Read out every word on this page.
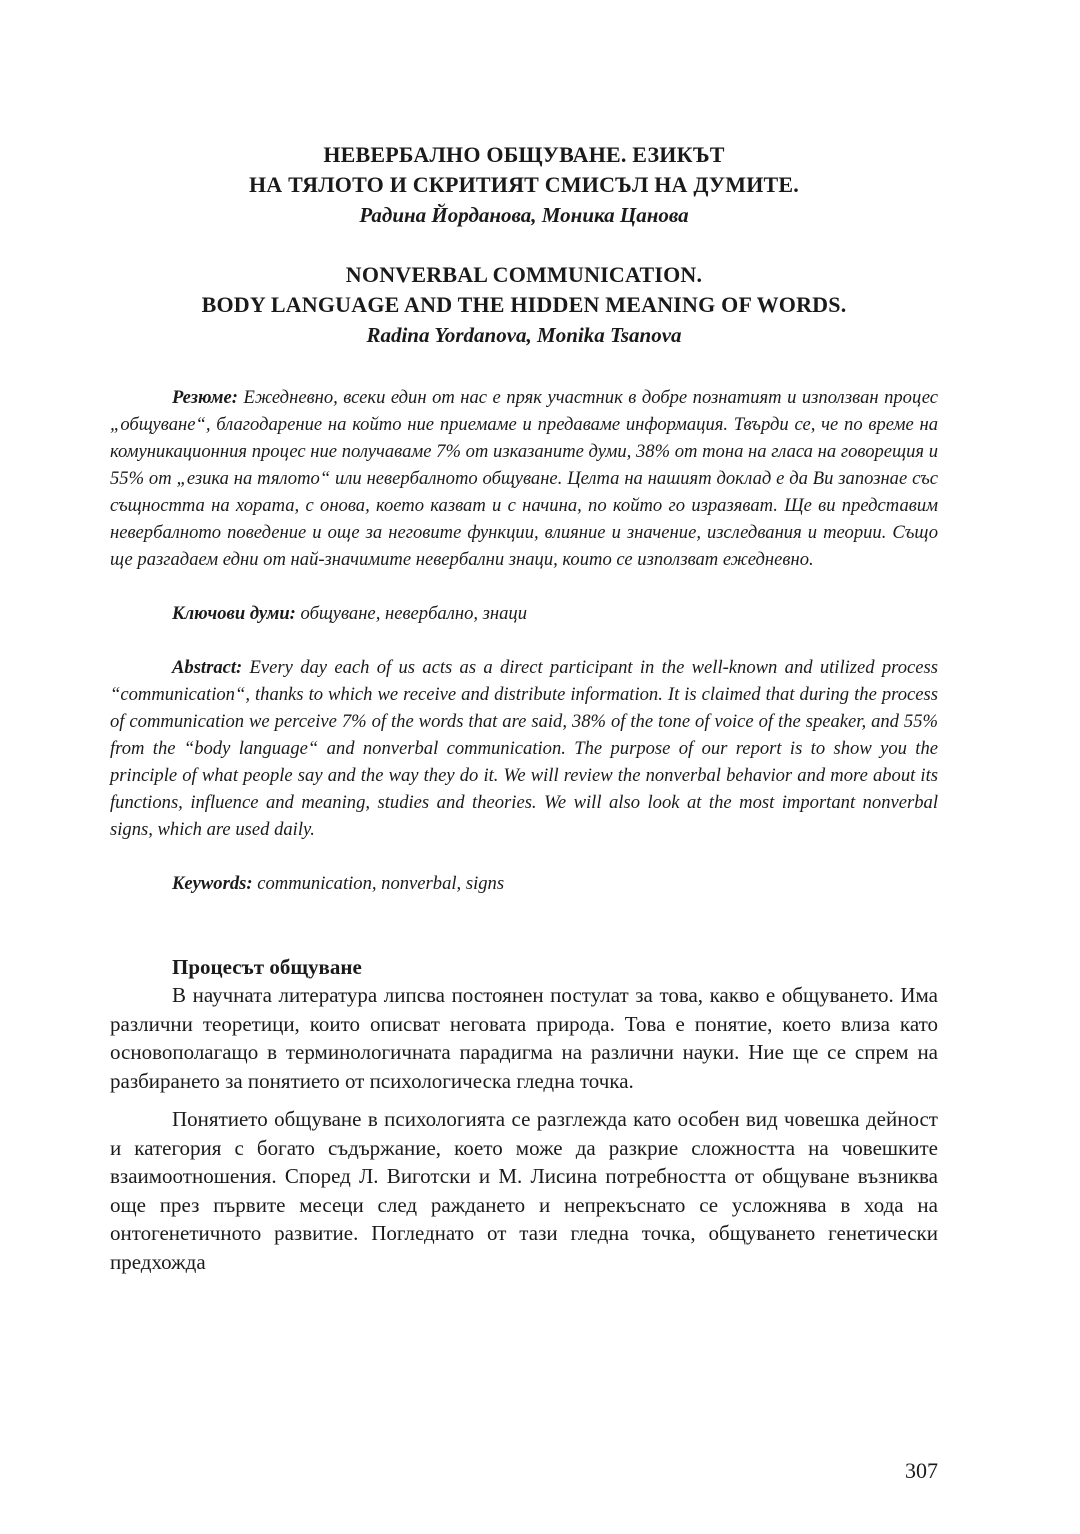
НЕВЕРБАЛНО ОБЩУВАНЕ. ЕЗИКЪТ
НА ТЯЛОТО И СКРИТИЯТ СМИСЪЛ НА ДУМИТЕ.
Радина Йорданова, Моника Цанова
NONVERBAL COMMUNICATION.
BODY LANGUAGE AND THE HIDDEN MEANING OF WORDS.
Radina Yordanova, Monika Tsanova

Резюме: Ежедневно, всеки един от нас е пряк участник в добре познатият и използван процес „общуване“, благодарение на който ние приемаме и предаваме информация. Твърди се, че по време на комуникационния процес ние получаваме 7% от изказаните думи, 38% от тона на гласа на говорещия и 55% от „езика на тялото“ или невербалното общуване. Целта на нашият доклад е да Ви запознае със същността на хората, с онова, което казват и с начина, по който го изразяват. Ще ви представим невербалното поведение и още за неговите функции, влияние и значение, изследвания и теории. Също ще разгадаем едни от най-значимите невербални знаци, които се използват ежедневно.

Ключови думи: общуване, невербално, знаци

Abstract: Every day each of us acts as a direct participant in the well-known and utilized process “communication“, thanks to which we receive and distribute information. It is claimed that during the process of communication we perceive 7% of the words that are said, 38% of the tone of voice of the speaker, and 55% from the “body language“ and nonverbal communication. The purpose of our report is to show you the principle of what people say and the way they do it. We will review the nonverbal behavior and more about its functions, influence and meaning, studies and theories. We will also look at the most important nonverbal signs, which are used daily.

Keywords: communication, nonverbal, signs

Процесът общуване

В научната литература липсва постоянен постулат за това, какво е общуването. Има различни теоретици, които описват неговата природа. Това е понятие, което влиза като основополагащо в терминологичната парадигма на различни науки. Ние ще се спрем на разбирането за понятието от психологическа гледна точка.

Понятието общуване в психологията се разглежда като особен вид човешка дейност и категория с богато съдържание, което може да разкрие сложността на човешките взаимоотношения. Според Л. Виготски и М. Лисина потребността от общуване възниква още през първите месеци след раждането и непрекъснато се усложнява в хода на онтогенетичното развитие. Погледнато от тази гледна точка, общуването генетически предхожда

307
